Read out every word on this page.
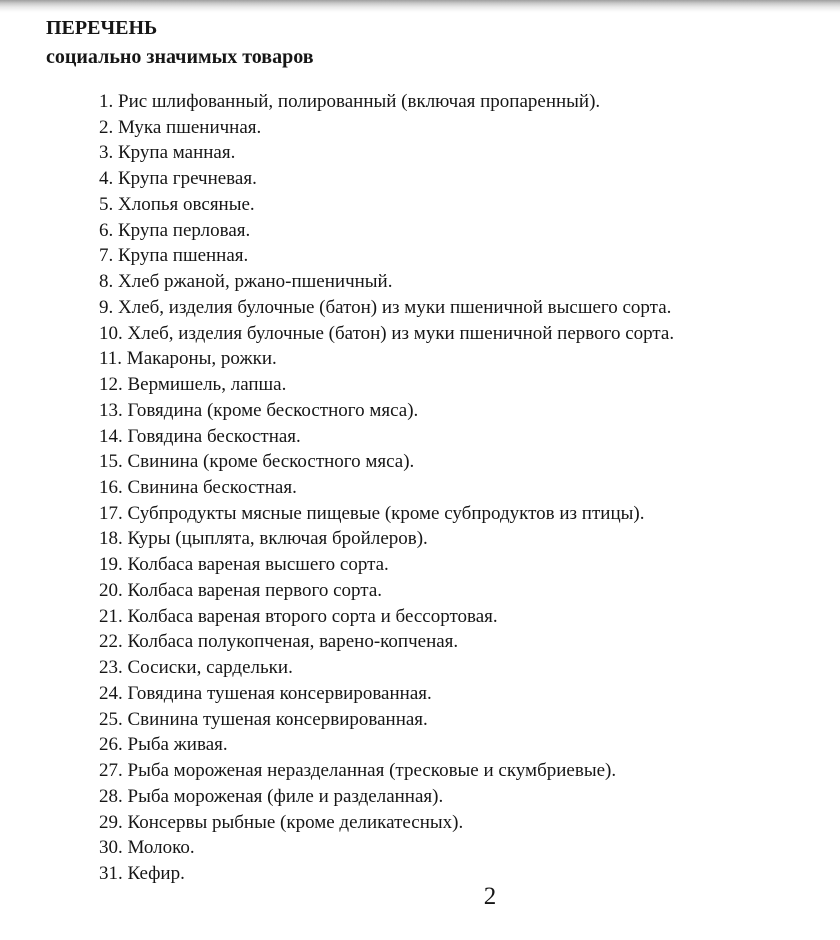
ПЕРЕЧЕНЬ
социально значимых товаров
1. Рис шлифованный, полированный (включая пропаренный).
2. Мука пшеничная.
3. Крупа манная.
4. Крупа гречневая.
5. Хлопья овсяные.
6. Крупа перловая.
7. Крупа пшенная.
8. Хлеб ржаной, ржано-пшеничный.
9. Хлеб, изделия булочные (батон) из муки пшеничной высшего сорта.
10. Хлеб, изделия булочные (батон) из муки пшеничной первого сорта.
11. Макароны, рожки.
12. Вермишель, лапша.
13. Говядина (кроме бескостного мяса).
14. Говядина бескостная.
15. Свинина (кроме бескостного мяса).
16. Свинина бескостная.
17. Субпродукты мясные пищевые (кроме субпродуктов из птицы).
18. Куры (цыплята, включая бройлеров).
19. Колбаса вареная высшего сорта.
20. Колбаса вареная первого сорта.
21. Колбаса вареная второго сорта и бессортовая.
22. Колбаса полукопченая, варено-копченая.
23. Сосиски, сардельки.
24. Говядина тушеная консервированная.
25. Свинина тушеная консервированная.
26. Рыба живая.
27. Рыба мороженая неразделанная (тресковые и скумбриевые).
28. Рыба мороженая (филе и разделанная).
29. Консервы рыбные (кроме деликатесных).
30. Молоко.
31. Кефир.
2
